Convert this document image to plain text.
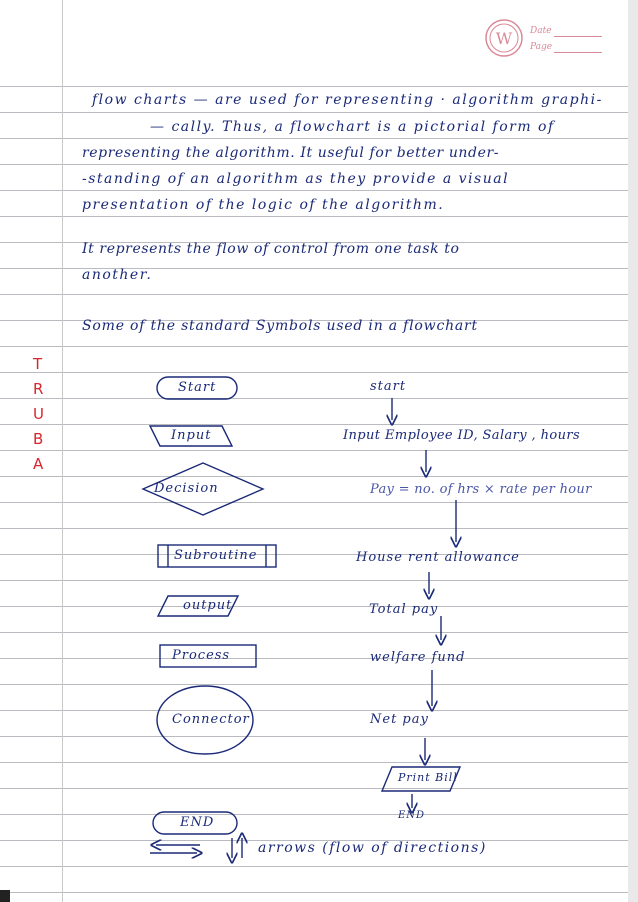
W Date
Page
flow charts — are used for representing · algorithm graphi-
— cally. Thus, a flowchart is a pictorial form of
representing the algorithm. It useful for better under-
-standing of an algorithm as they provide a visual
presentation of the logic of the algorithm.
It represents the flow of control from one task to
another.
Some of the standard Symbols used in a flowchart
T
R
U
B
A
Start
Input
Decision
Subroutine
output
Process
Connector
END
start
Input Employee ID, Salary , hours
Pay = no. of hrs × rate per hour
House rent allowance
Total pay
welfare fund
Net pay
Print Bill
END
arrows (flow of directions)
